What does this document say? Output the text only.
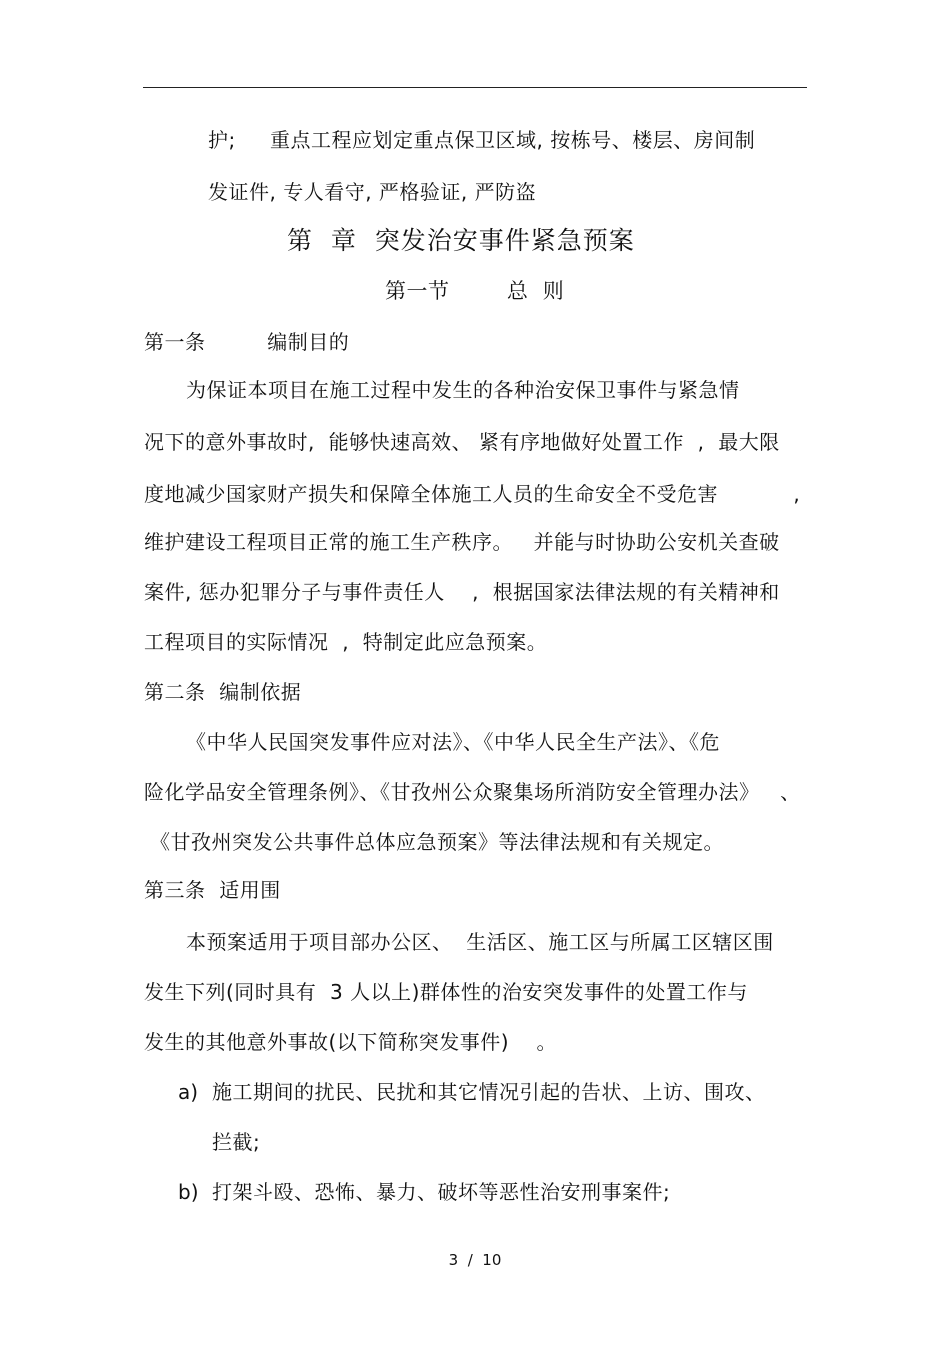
护;     重点工程应划定重点保卫区域, 按栋号、楼层、房间制
发证件, 专人看守, 严格验证, 严防盗
第  章  突发治安事件紧急预案
第一节        总  则
第一条         编制目的
为保证本项目在施工过程中发生的各种治安保卫事件与紧急情
况下的意外事故时,  能够快速高效、 紧有序地做好处置工作  ,  最大限
度地减少国家财产损失和保障全体施工人员的生命安全不受危害           ,
维护建设工程项目正常的施工生产秩序。   并能与时协助公安机关查破
案件, 惩办犯罪分子与事件责任人    ,  根据国家法律法规的有关精神和
工程项目的实际情况  ,  特制定此应急预案。
第二条  编制依据
《中华人民国突发事件应对法》、《中华人民全生产法》、《危
险化学品安全管理条例》、《甘孜州公众聚集场所消防安全管理办法》   、
《甘孜州突发公共事件总体应急预案》等法律法规和有关规定。
第三条  适用围
本预案适用于项目部办公区、  生活区、施工区与所属工区辖区围
发生下列(同时具有  3 人以上)群体性的治安突发事件的处置工作与
发生的其他意外事故(以下简称突发事件)    。
a) 施工期间的扰民、民扰和其它情况引起的告状、上访、围攻、
拦截;
b) 打架斗殴、恐怖、暴力、破坏等恶性治安刑事案件;
3  /  10
